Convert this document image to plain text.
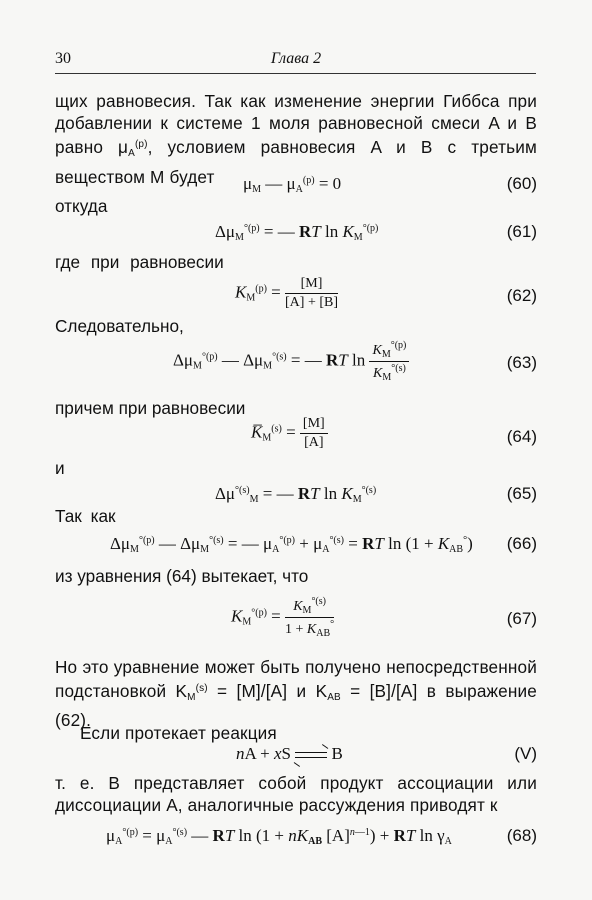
30	Глава 2
щих равновесия. Так как изменение энергии Гиббса при добавлении к системе 1 моля равновесной смеси A и B равно $\mu_A^{(p)}$, условием равновесия A и B с третьим веществом M будет	$\mu_M$ — $\mu_A^{(p)} = 0$	(60)
откуда
$\Delta\mu_M^{^\circ(p)}$ = — RT $\ln K_M^{^\circ(p)}$	(61)
где при равновесии
$K_M^{(p)} = \frac{[M]}{[A] + [B]}$	(62)
Следовательно,
$\Delta\mu_M^{^\circ(p)}$ — $\Delta\mu_M^{^\circ(s)}$ = — RT $\ln \frac{K_M^{^\circ(p)}}{K_M^{^\circ(s)}}$	(63)
причем при равновесии
$K̅_M^{(s)} = \frac{[M]}{[A]}$	(64)
и
$\Delta\mu^{^\circ(s)}_M$ = — RT $\ln K_M^{^\circ(s)}$	(65)
Так как
$\Delta\mu_M^{^\circ(p)}$ — $\Delta\mu_M^{^\circ(s)}$ = — $\mu_A^{^\circ(p)} + \mu_A^{^\circ(s)}$ = RT $\ln (1 + K_{AB}^\circ)$ (66)
из уравнения (64) вытекает, что
$K_M^{^\circ(p)} = \frac{K_M^{^\circ(s)}}{1 + K_{AB}^\circ}$	(67)
Но это уравнение может быть получено непосредственной подстановкой $K_M^{(s)} = [M]/[A]$ и $K_{AB} = [B]/[A]$ в выражение (62).
Если протекает реакция
nA + xS
B	(V)
т. е. B представляет собой продукт ассоциации или диссоциации A, аналогичные рассуждения приводят к
$\mu_A^{^\circ(p)} = \mu_A^{^\circ(s)}$ — RT $\ln (1 + nK_{AB}$ $[A]^{n—1}$) + RT $\ln \gamma_A$	(68)
